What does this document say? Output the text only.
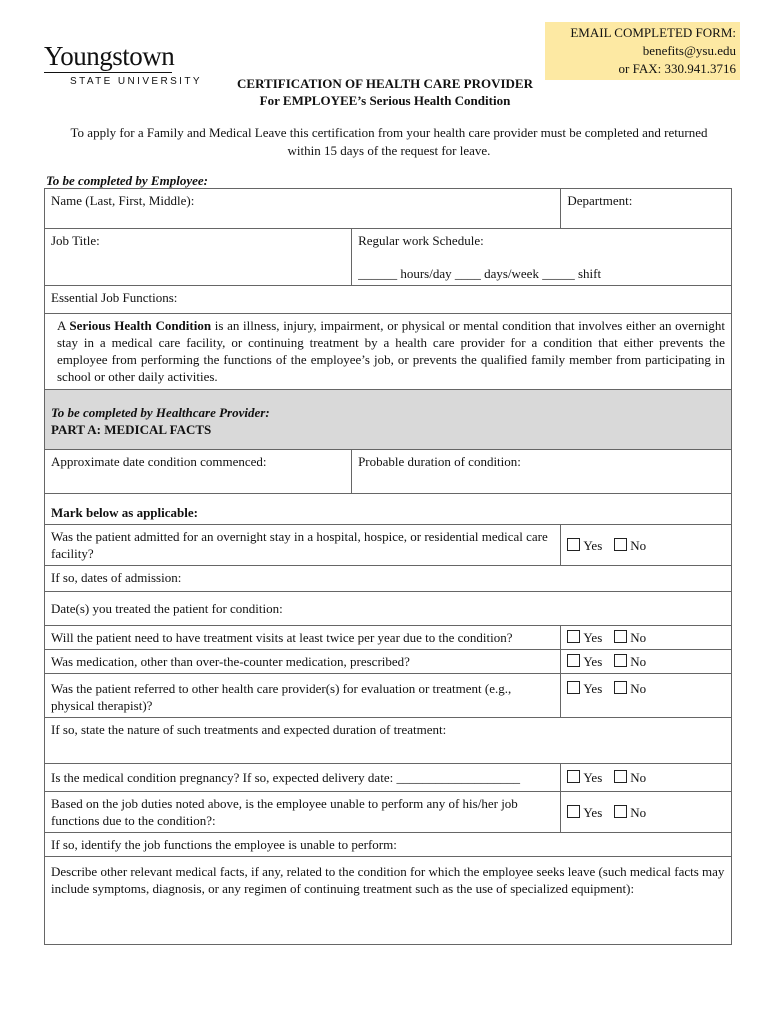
Youngstown
STATE UNIVERSITY
EMAIL COMPLETED FORM:
benefits@ysu.edu
or FAX: 330.941.3716
CERTIFICATION OF HEALTH CARE PROVIDER
For EMPLOYEE’s Serious Health Condition
To apply for a Family and Medical Leave this certification from your health care provider must be completed and returned
within 15 days of the request for leave.
To be completed by Employee:
Name (Last, First, Middle):		Department:
Job Title:	Regular work Schedule:
______ hours/day ____ days/week _____ shift	

Essential Job Functions:		
A Serious Health Condition is an illness, injury, impairment, or physical or mental condition that involves either an overnight stay in a medical care facility, or continuing treatment by a health care provider for a condition that either prevents the employee from performing the functions of the employee’s job, or prevents the qualified family member from participating in school or other daily activities.		

To be completed by Healthcare Provider:
PART A: MEDICAL FACTS		

Approximate date condition commenced:	Probable duration of condition:	
Mark below as applicable:		
Was the patient admitted for an overnight stay in a hospital, hospice, or residential medical care facility?		Yes No
If so, dates of admission:		
Date(s) you treated the patient for condition:		
Will the patient need to have treatment visits at least twice per year due to the condition?		Yes No
Was medication, other than over-the-counter medication, prescribed?		Yes No
Was the patient referred to other health care provider(s) for evaluation or treatment (e.g., physical therapist)?		Yes No
If so, state the nature of such treatments and expected duration of treatment:		
Is the medical condition pregnancy? If so, expected delivery date: ___________________		Yes No
Based on the job duties noted above, is the employee unable to perform any of his/her job functions due to the condition?:		Yes No
If so, identify the job functions the employee is unable to perform:		
Describe other relevant medical facts, if any, related to the condition for which the employee seeks leave (such medical facts may include symptoms, diagnosis, or any regimen of continuing treatment such as the use of specialized equipment):		
